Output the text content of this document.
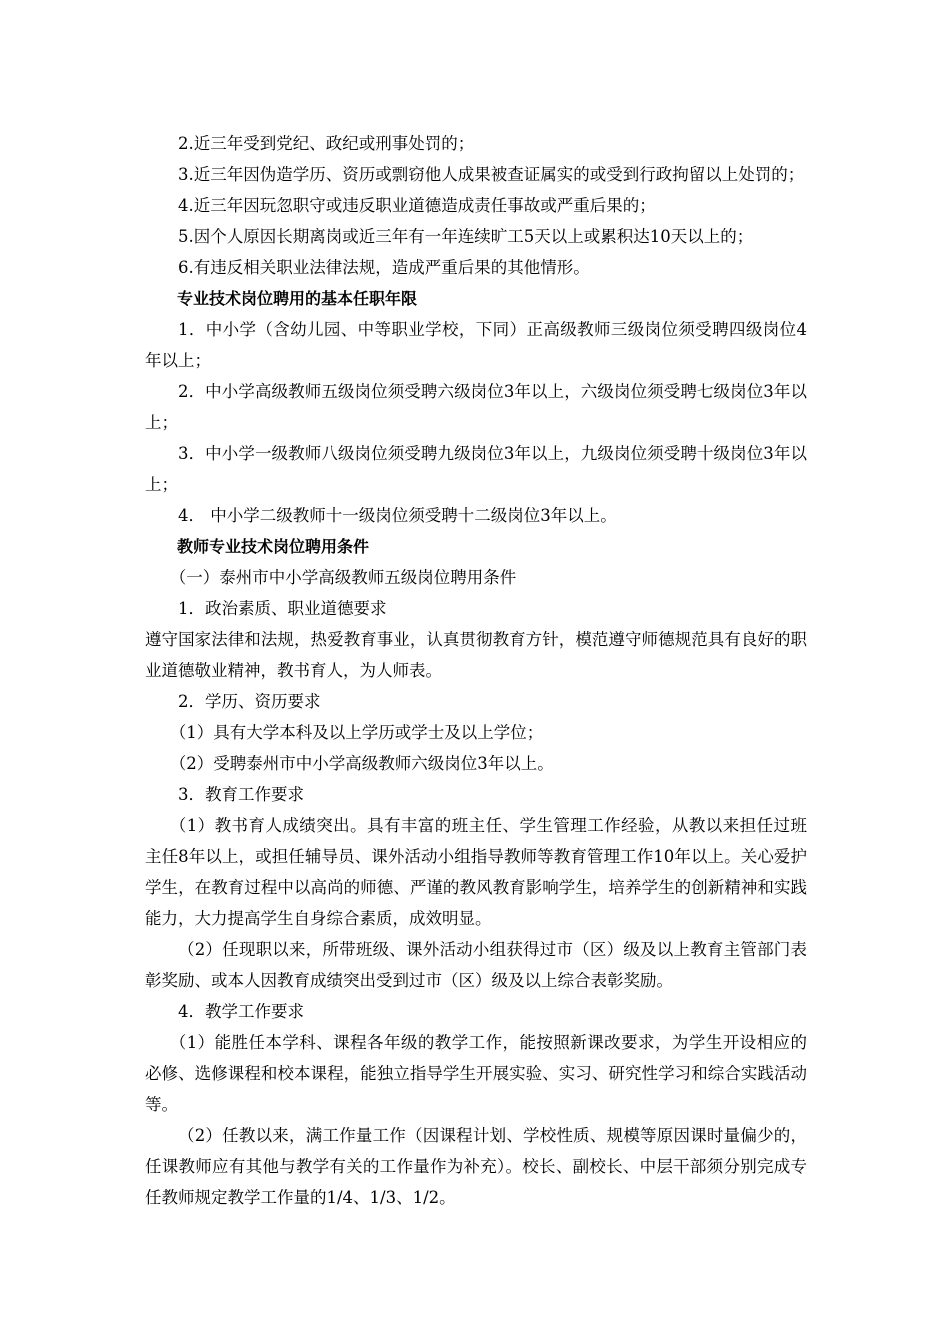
2.近三年受到党纪、政纪或刑事处罚的；

3.近三年因伪造学历、资历或剽窃他人成果被查证属实的或受到行政拘留以上处罚的；

4.近三年因玩忽职守或违反职业道德造成责任事故或严重后果的；

5.因个人原因长期离岗或近三年有一年连续旷工5天以上或累积达10天以上的；

6.有违反相关职业法律法规，造成严重后果的其他情形。

专业技术岗位聘用的基本任职年限

1．中小学（含幼儿园、中等职业学校，下同）正高级教师三级岗位须受聘四级岗位4年以上；

2．中小学高级教师五级岗位须受聘六级岗位3年以上，六级岗位须受聘七级岗位3年以上；

3．中小学一级教师八级岗位须受聘九级岗位3年以上，九级岗位须受聘十级岗位3年以上；

4． 中小学二级教师十一级岗位须受聘十二级岗位3年以上。

教师专业技术岗位聘用条件

（一）泰州市中小学高级教师五级岗位聘用条件

1．政治素质、职业道德要求

遵守国家法律和法规，热爱教育事业，认真贯彻教育方针，模范遵守师德规范具有良好的职业道德敬业精神，教书育人，为人师表。

2．学历、资历要求

（1）具有大学本科及以上学历或学士及以上学位；

（2）受聘泰州市中小学高级教师六级岗位3年以上。

3．教育工作要求

（1）教书育人成绩突出。具有丰富的班主任、学生管理工作经验，从教以来担任过班主任8年以上，或担任辅导员、课外活动小组指导教师等教育管理工作10年以上。关心爱护学生，在教育过程中以高尚的师德、严谨的教风教育影响学生，培养学生的创新精神和实践能力，大力提高学生自身综合素质，成效明显。

（2）任现职以来，所带班级、课外活动小组获得过市（区）级及以上教育主管部门表彰奖励、或本人因教育成绩突出受到过市（区）级及以上综合表彰奖励。

4．教学工作要求

（1）能胜任本学科、课程各年级的教学工作，能按照新课改要求，为学生开设相应的必修、选修课程和校本课程，能独立指导学生开展实验、实习、研究性学习和综合实践活动等。

（2）任教以来，满工作量工作（因课程计划、学校性质、规模等原因课时量偏少的，任课教师应有其他与教学有关的工作量作为补充）。校长、副校长、中层干部须分别完成专任教师规定教学工作量的1/4、1/3、1/2。
